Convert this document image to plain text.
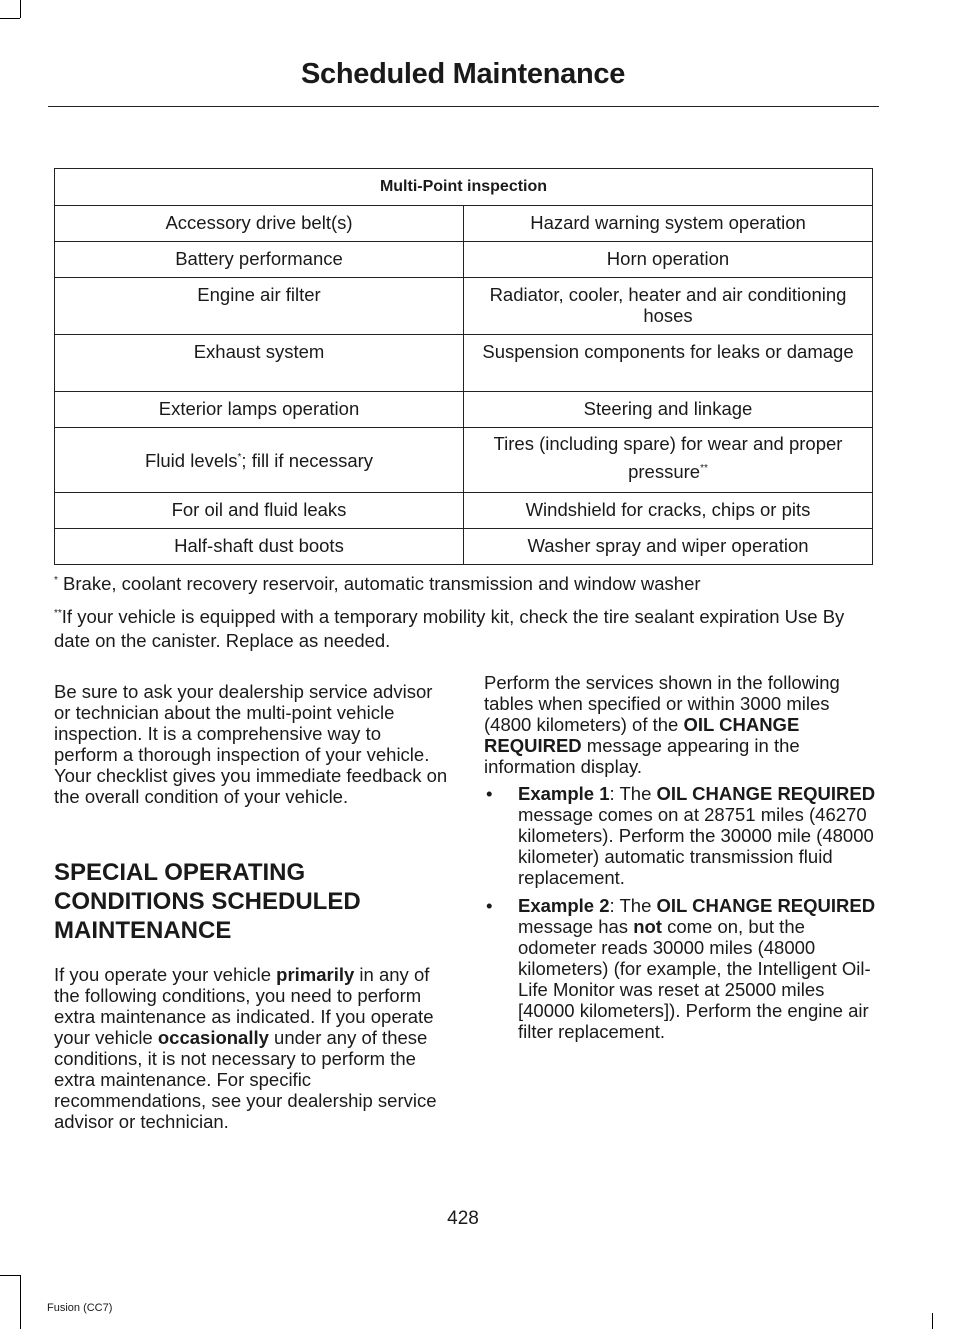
Scheduled Maintenance
Multi-Point inspection	
Accessory drive belt(s)	Hazard warning system operation
Battery performance	Horn operation
Engine air filter	Radiator, cooler, heater and air conditioning hoses
Exhaust system	Suspension components for leaks or damage
Exterior lamps operation	Steering and linkage
Fluid levels*; fill if necessary	Tires (including spare) for wear and proper pressure**
For oil and fluid leaks	Windshield for cracks, chips or pits
Half-shaft dust boots	Washer spray and wiper operation
* Brake, coolant recovery reservoir, automatic transmission and window washer
**If your vehicle is equipped with a temporary mobility kit, check the tire sealant expiration Use By date on the canister. Replace as needed.

Be sure to ask your dealership service advisor or technician about the multi-point vehicle inspection. It is a comprehensive way to perform a thorough inspection of your vehicle. Your checklist gives you immediate feedback on the overall condition of your vehicle.

SPECIAL OPERATING CONDITIONS SCHEDULED MAINTENANCE

If you operate your vehicle primarily in any of the following conditions, you need to perform extra maintenance as indicated. If you operate your vehicle occasionally under any of these conditions, it is not necessary to perform the extra maintenance. For specific recommendations, see your dealership service advisor or technician.

Perform the services shown in the following tables when specified or within 3000 miles (4800 kilometers) of the OIL CHANGE REQUIRED message appearing in the information display.

• Example 1: The OIL CHANGE REQUIRED message comes on at 28751 miles (46270 kilometers). Perform the 30000 mile (48000 kilometer) automatic transmission fluid replacement.
• Example 2: The OIL CHANGE REQUIRED message has not come on, but the odometer reads 30000 miles (48000 kilometers) (for example, the Intelligent Oil-Life Monitor was reset at 25000 miles [40000 kilometers]). Perform the engine air filter replacement.
428
Fusion (CC7)
